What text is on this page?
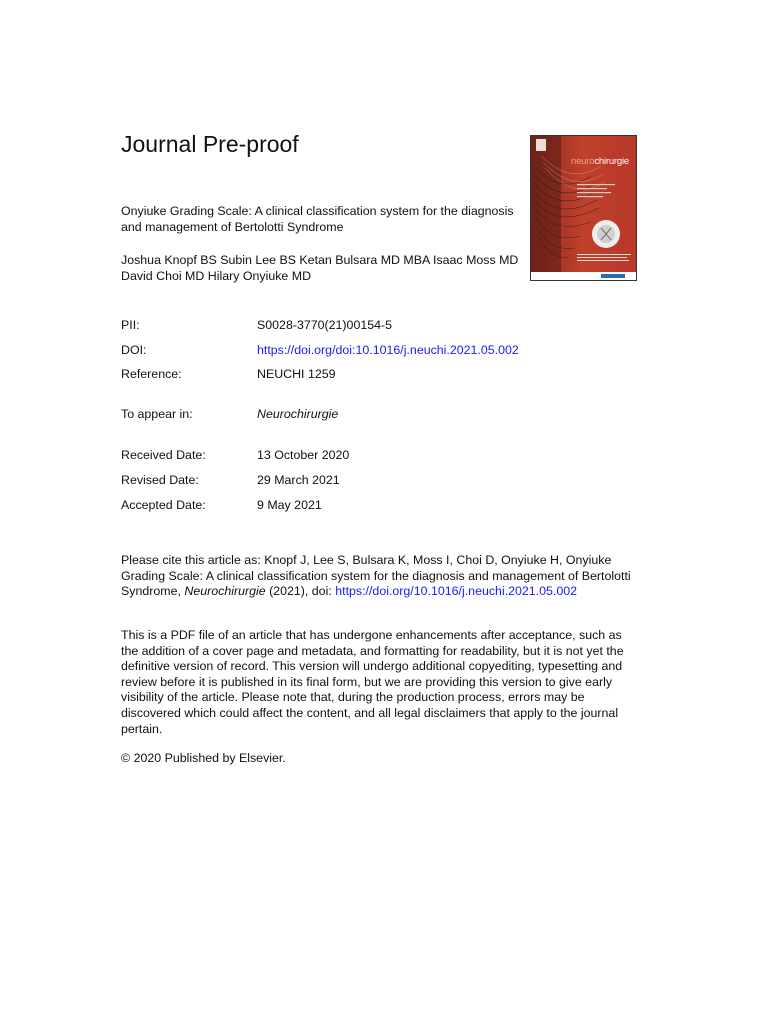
Journal Pre-proof
Onyiuke Grading Scale: A clinical classification system for the diagnosis and management of Bertolotti Syndrome
Joshua Knopf BS Subin Lee BS Ketan Bulsara MD MBA Isaac Moss MD David Choi MD Hilary Onyiuke MD
neurochirurgie
PII:	S0028-3770(21)00154-5
DOI:	https://doi.org/doi:10.1016/j.neuchi.2021.05.002
Reference:	NEUCHI 1259
To appear in:	Neurochirurgie
Received Date:	13 October 2020
Revised Date:	29 March 2021
Accepted Date:	9 May 2021
Please cite this article as: Knopf J, Lee S, Bulsara K, Moss I, Choi D, Onyiuke H, Onyiuke Grading Scale: A clinical classification system for the diagnosis and management of Bertolotti Syndrome, Neurochirurgie (2021), doi: https://doi.org/10.1016/j.neuchi.2021.05.002
This is a PDF file of an article that has undergone enhancements after acceptance, such as the addition of a cover page and metadata, and formatting for readability, but it is not yet the definitive version of record. This version will undergo additional copyediting, typesetting and review before it is published in its final form, but we are providing this version to give early visibility of the article. Please note that, during the production process, errors may be discovered which could affect the content, and all legal disclaimers that apply to the journal pertain.
© 2020 Published by Elsevier.
